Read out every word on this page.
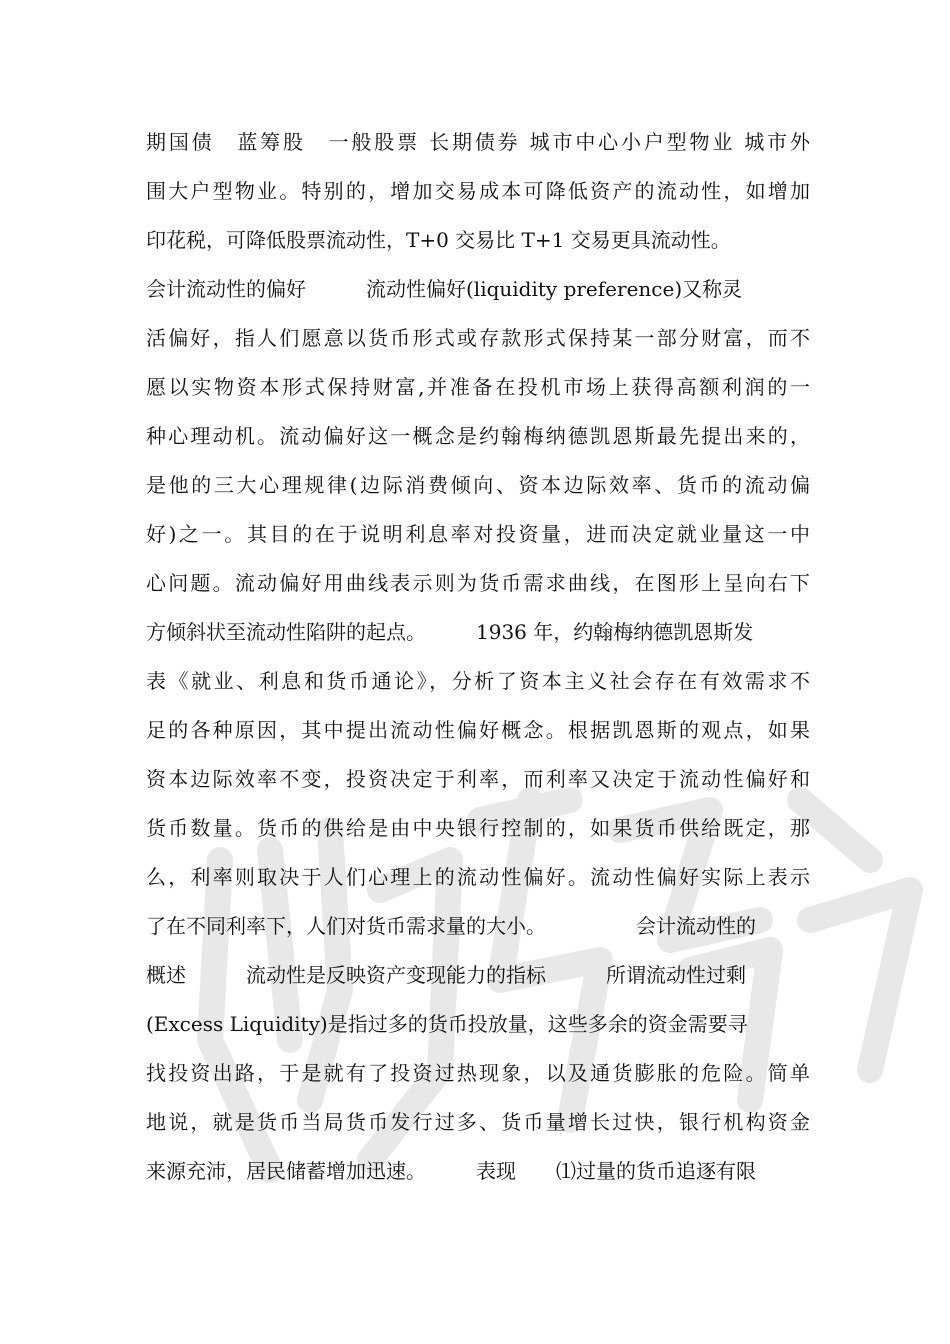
期国债　蓝筹股　一般股票 长期债券 城市中心小户型物业 城市外
围大户型物业。特别的，增加交易成本可降低资产的流动性，如增加
印花税，可降低股票流动性，T+0 交易比 T+1 交易更具流动性。
会计流动性的偏好　　　流动性偏好(liquidity preference)又称灵
活偏好，指人们愿意以货币形式或存款形式保持某一部分财富，而不
愿以实物资本形式保持财富,并准备在投机市场上获得高额利润的一
种心理动机。流动偏好这一概念是约翰梅纳德凯恩斯最先提出来的，
是他的三大心理规律(边际消费倾向、资本边际效率、货币的流动偏
好)之一。其目的在于说明利息率对投资量，进而决定就业量这一中
心问题。流动偏好用曲线表示则为货币需求曲线，在图形上呈向右下
方倾斜状至流动性陷阱的起点。　　　1936 年，约翰梅纳德凯恩斯发
表《就业、利息和货币通论》，分析了资本主义社会存在有效需求不
足的各种原因，其中提出流动性偏好概念。根据凯恩斯的观点，如果
资本边际效率不变，投资决定于利率，而利率又决定于流动性偏好和
货币数量。货币的供给是由中央银行控制的，如果货币供给既定，那
么，利率则取决于人们心理上的流动性偏好。流动性偏好实际上表示
了在不同利率下，人们对货币需求量的大小。　　　　　会计流动性的
概述　　　流动性是反映资产变现能力的指标　　　所谓流动性过剩
(Excess Liquidity)是指过多的货币投放量，这些多余的资金需要寻
找投资出路，于是就有了投资过热现象，以及通货膨胀的危险。简单
地说，就是货币当局货币发行过多、货币量增长过快，银行机构资金
来源充沛，居民储蓄增加迅速。　　　表现　　⑴过量的货币追逐有限
